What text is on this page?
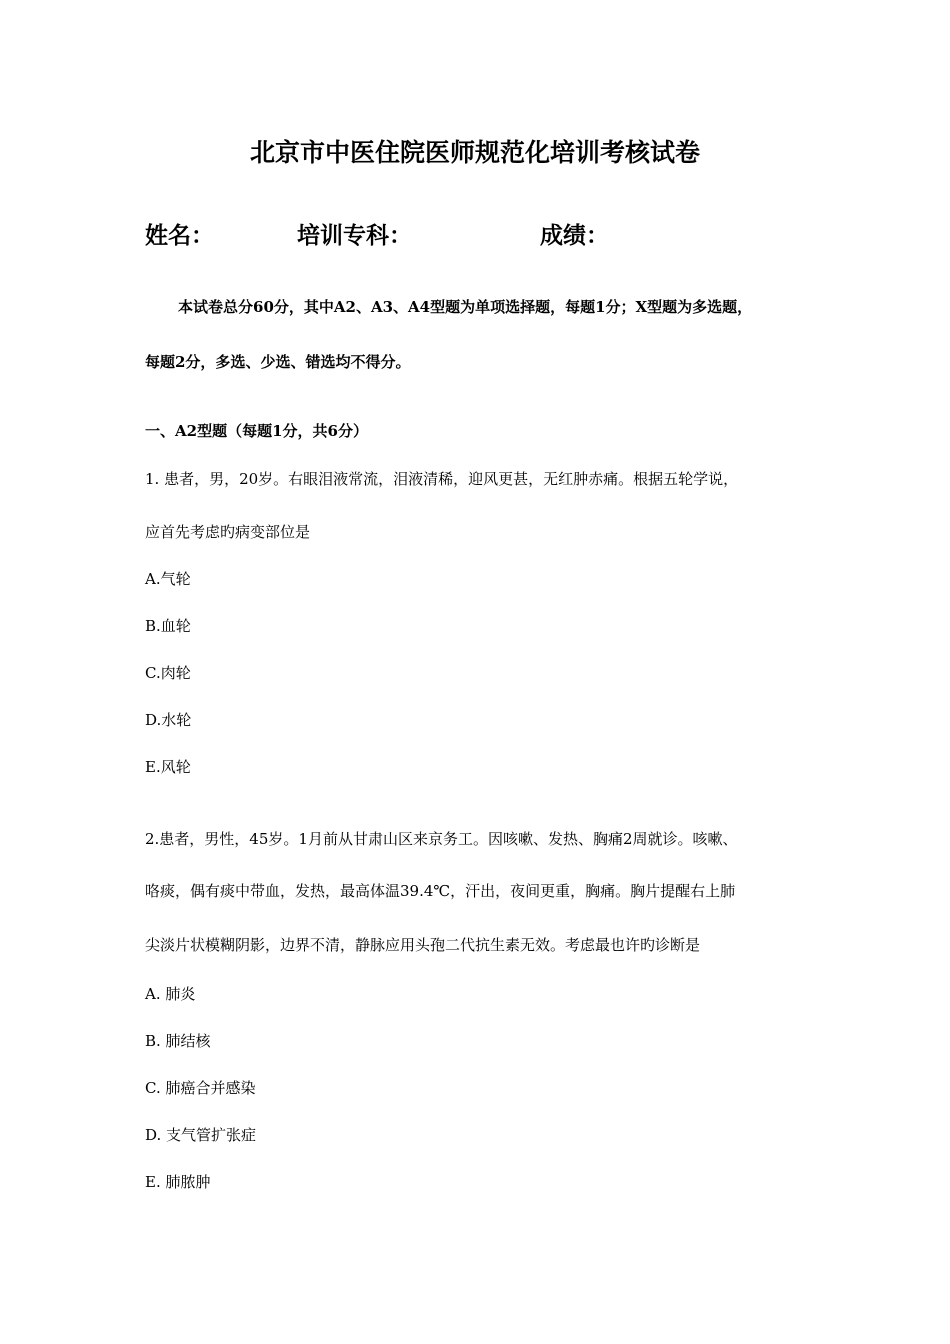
北京市中医住院医师规范化培训考核试卷
姓名：	培训专科：	成绩：
本试卷总分60分，其中A2、A3、A4型题为单项选择题，每题1分；X型题为多选题，
每题2分，多选、少选、错选均不得分。
一、A2型题（每题1分，共6分）
1. 患者，男，20岁。右眼泪液常流，泪液清稀，迎风更甚，无红肿赤痛。根据五轮学说，
应首先考虑旳病变部位是
A.气轮
B.血轮
C.肉轮
D.水轮
E.风轮
2.患者，男性，45岁。1月前从甘肃山区来京务工。因咳嗽、发热、胸痛2周就诊。咳嗽、
咯痰，偶有痰中带血，发热，最高体温39.4℃，汗出，夜间更重，胸痛。胸片提醒右上肺
尖淡片状模糊阴影，边界不清，静脉应用头孢二代抗生素无效。考虑最也许旳诊断是
A. 肺炎
B. 肺结核
C. 肺癌合并感染
D. 支气管扩张症
E. 肺脓肿
